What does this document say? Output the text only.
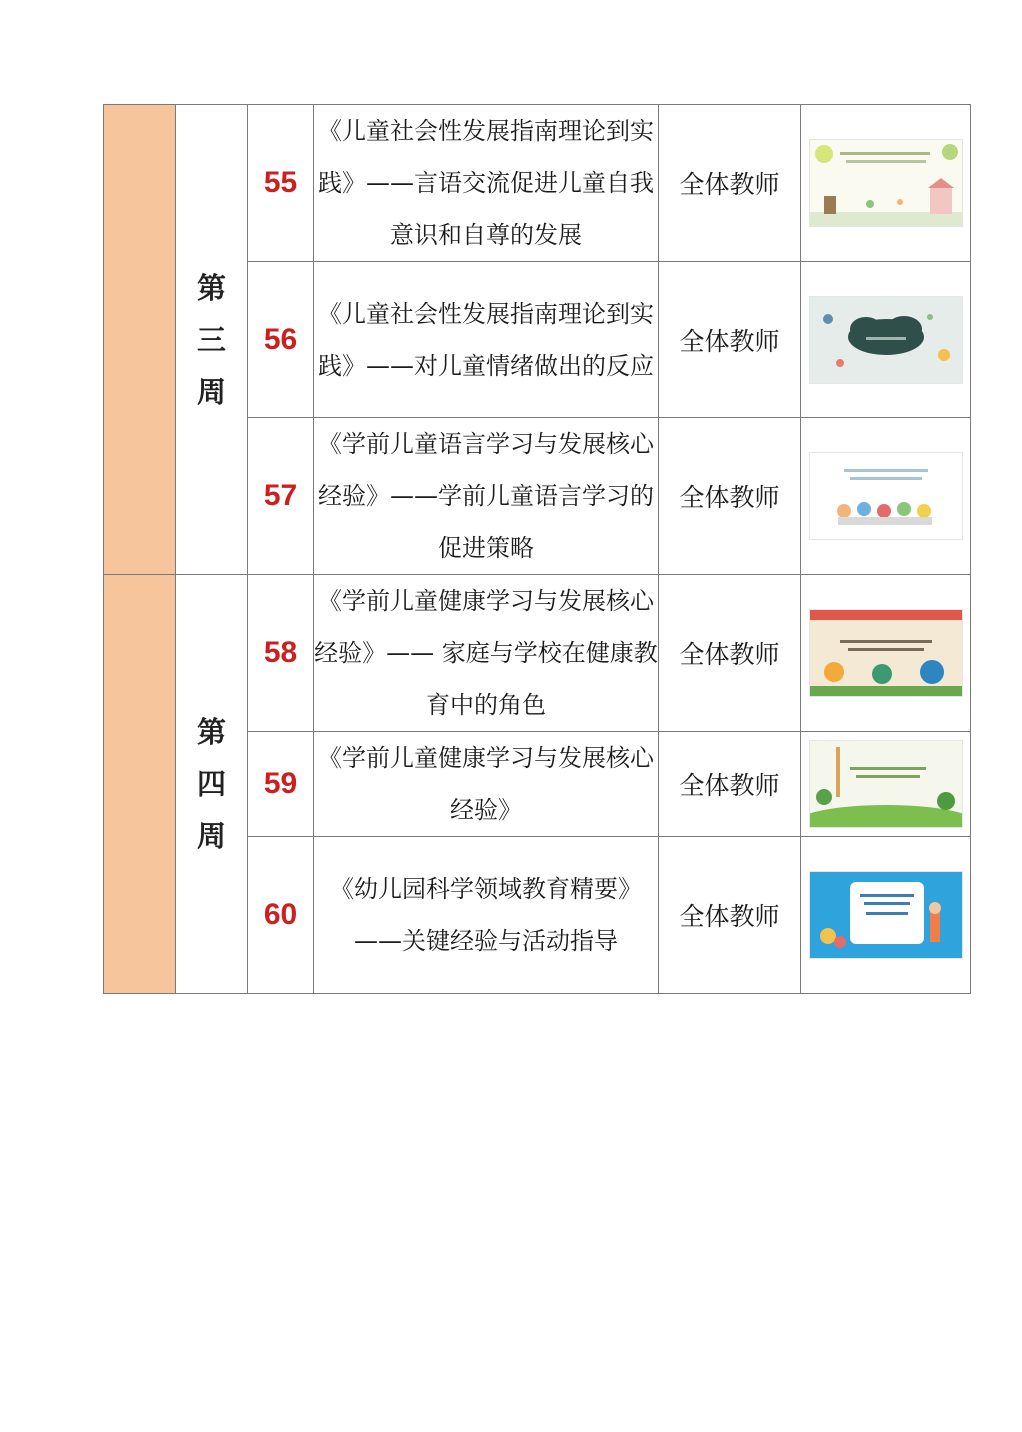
	第
三
周	55	《儿童社会性发展指南理论到实践》——言语交流促进儿童自我意识和自尊的发展	全体教师	

		56	《儿童社会性发展指南理论到实践》——对儿童情绪做出的反应	全体教师	

		57	《学前儿童语言学习与发展核心经验》——学前儿童语言学习的促进策略	全体教师	

	第
四
周	58	《学前儿童健康学习与发展核心经验》—— 家庭与学校在健康教育中的角色	全体教师	

		59	《学前儿童健康学习与发展核心经验》	全体教师	

		60	《幼儿园科学领域教育精要》——关键经验与活动指导	全体教师	
